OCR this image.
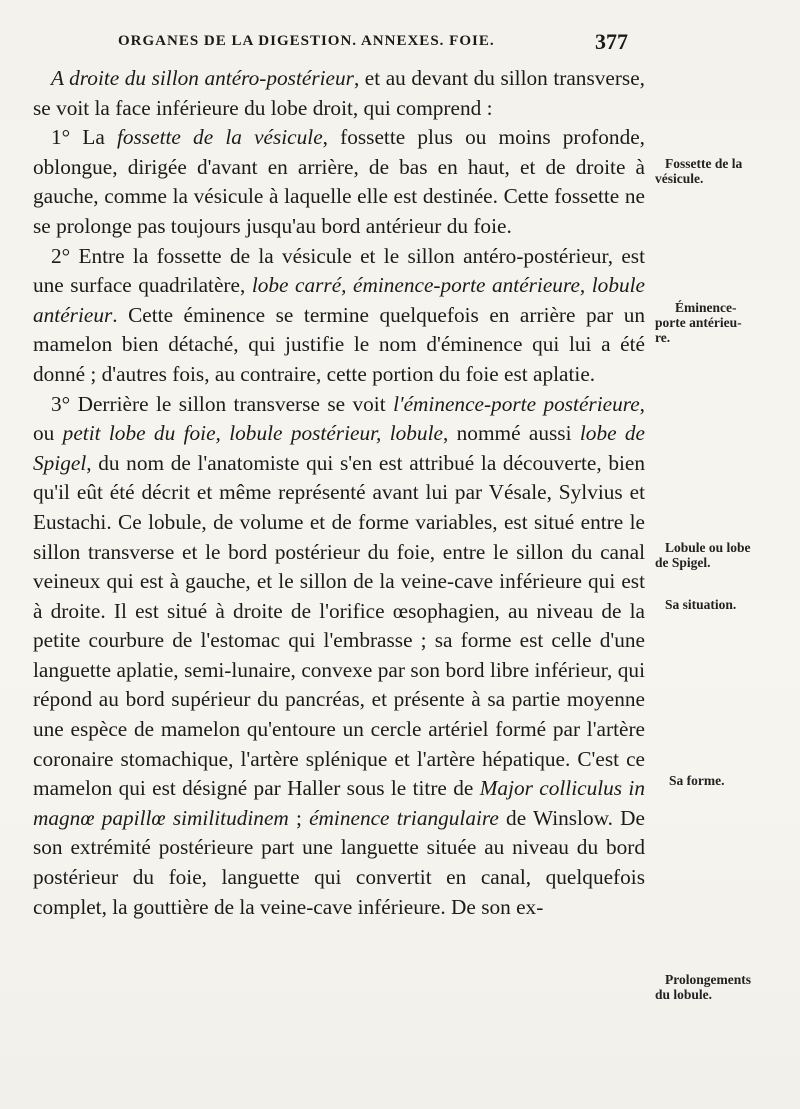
ORGANES DE LA DIGESTION. ANNEXES. FOIE.	377

A droite du sillon antéro-postérieur, et au devant du sillon transverse, se voit la face inférieure du lobe droit, qui comprend :

1° La fossette de la vésicule, fossette plus ou moins profonde, oblongue, dirigée d'avant en arrière, de bas en haut, et de droite à gauche, comme la vésicule à laquelle elle est destinée. Cette fossette ne se prolonge pas toujours jusqu'au bord antérieur du foie.

2° Entre la fossette de la vésicule et le sillon antéro-postérieur, est une surface quadrilatère, lobe carré, éminence-porte antérieure, lobule antérieur. Cette éminence se termine quelquefois en arrière par un mamelon bien détaché, qui justifie le nom d'éminence qui lui a été donné ; d'autres fois, au contraire, cette portion du foie est aplatie.

3° Derrière le sillon transverse se voit l'éminence-porte postérieure, ou petit lobe du foie, lobule postérieur, lobule, nommé aussi lobe de Spigel, du nom de l'anatomiste qui s'en est attribué la découverte, bien qu'il eût été décrit et même représenté avant lui par Vésale, Sylvius et Eustachi. Ce lobule, de volume et de forme variables, est situé entre le sillon transverse et le bord postérieur du foie, entre le sillon du canal veineux qui est à gauche, et le sillon de la veine-cave inférieure qui est à droite. Il est situé à droite de l'orifice œsophagien, au niveau de la petite courbure de l'estomac qui l'embrasse ; sa forme est celle d'une languette aplatie, semi-lunaire, convexe par son bord libre inférieur, qui répond au bord supérieur du pancréas, et présente à sa partie moyenne une espèce de mamelon qu'entoure un cercle artériel formé par l'artère coronaire stomachique, l'artère splénique et l'artère hépatique. C'est ce mamelon qui est désigné par Haller sous le titre de Major colliculus in magnœ papillœ similitudinem ; éminence triangulaire de Winslow. De son extrémité postérieure part une languette située au niveau du bord postérieur du foie, languette qui convertit en canal, quelquefois complet, la gouttière de la veine-cave inférieure. De son ex-

Fossette de la
vésicule.
Éminence-
porte antérieu-
re.
Lobule ou lobe
de Spigel.
Sa situation.
Sa forme.
Prolongements
du lobule.
